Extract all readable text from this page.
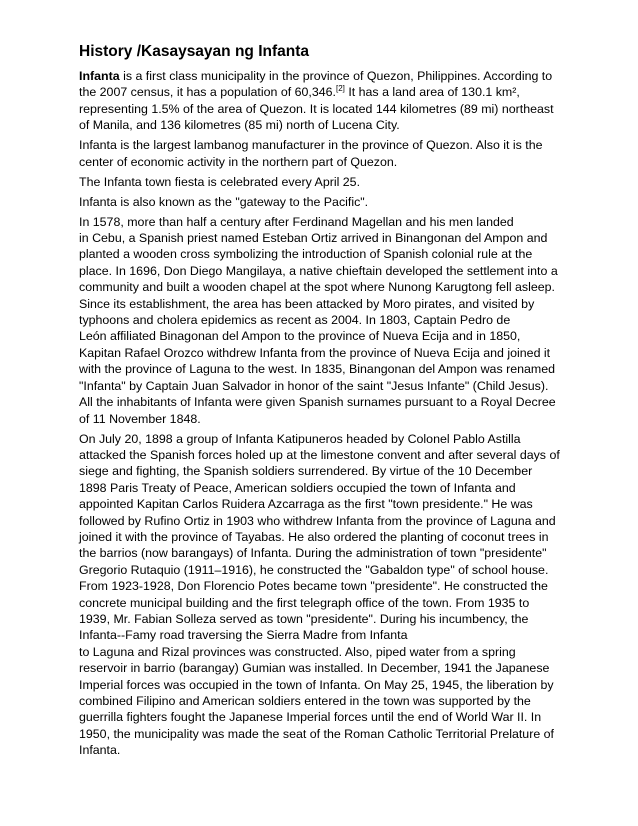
History /Kasaysayan ng Infanta
Infanta is a first class municipality in the province of Quezon, Philippines. According to
the 2007 census, it has a population of 60,346.[2] It has a land area of 130.1 km²,
representing 1.5% of the area of Quezon. It is located 144 kilometres (89 mi) northeast
of Manila, and 136 kilometres (85 mi) north of Lucena City.
Infanta is the largest lambanog manufacturer in the province of Quezon. Also it is the
center of economic activity in the northern part of Quezon.
The Infanta town fiesta is celebrated every April 25.
Infanta is also known as the "gateway to the Pacific".
In 1578, more than half a century after Ferdinand Magellan and his men landed
in Cebu, a Spanish priest named Esteban Ortiz arrived in Binangonan del Ampon and
planted a wooden cross symbolizing the introduction of Spanish colonial rule at the
place. In 1696, Don Diego Mangilaya, a native chieftain developed the settlement into a
community and built a wooden chapel at the spot where Nunong Karugtong fell asleep.
Since its establishment, the area has been attacked by Moro pirates, and visited by
typhoons and cholera epidemics as recent as 2004. In 1803, Captain Pedro de
León affiliated Binagonan del Ampon to the province of Nueva Ecija and in 1850,
Kapitan Rafael Orozco withdrew Infanta from the province of Nueva Ecija and joined it
with the province of Laguna to the west. In 1835, Binangonan del Ampon was renamed
"Infanta" by Captain Juan Salvador in honor of the saint "Jesus Infante" (Child Jesus).
All the inhabitants of Infanta were given Spanish surnames pursuant to a Royal Decree
of 11 November 1848.
On July 20, 1898 a group of Infanta Katipuneros headed by Colonel Pablo Astilla
attacked the Spanish forces holed up at the limestone convent and after several days of
siege and fighting, the Spanish soldiers surrendered. By virtue of the 10 December
1898 Paris Treaty of Peace, American soldiers occupied the town of Infanta and
appointed Kapitan Carlos Ruidera Azcarraga as the first "town presidente." He was
followed by Rufino Ortiz in 1903 who withdrew Infanta from the province of Laguna and
joined it with the province of Tayabas. He also ordered the planting of coconut trees in
the barrios (now barangays) of Infanta. During the administration of town "presidente"
Gregorio Rutaquio (1911–1916), he constructed the "Gabaldon type" of school house.
From 1923-1928, Don Florencio Potes became town "presidente". He constructed the
concrete municipal building and the first telegraph office of the town. From 1935 to
1939, Mr. Fabian Solleza served as town "presidente". During his incumbency, the
Infanta--Famy road traversing the Sierra Madre from Infanta
to Laguna and Rizal provinces was constructed. Also, piped water from a spring
reservoir in barrio (barangay) Gumian was installed. In December, 1941 the Japanese
Imperial forces was occupied in the town of Infanta. On May 25, 1945, the liberation by
combined Filipino and American soldiers entered in the town was supported by the
guerrilla fighters fought the Japanese Imperial forces until the end of World War II. In
1950, the municipality was made the seat of the Roman Catholic Territorial Prelature of
Infanta.
